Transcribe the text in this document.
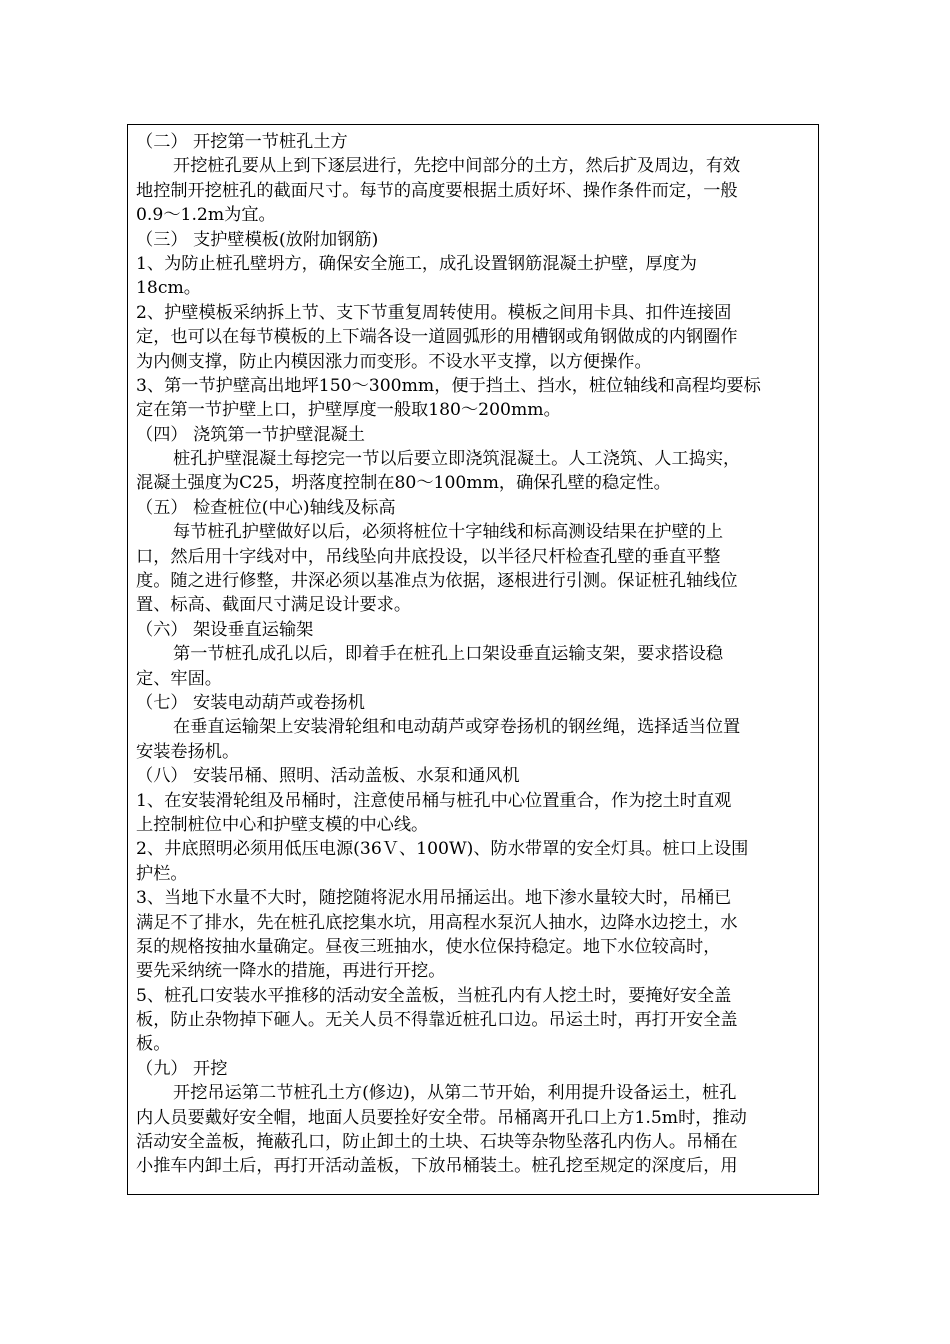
（二） 开挖第一节桩孔土方
开挖桩孔要从上到下逐层进行，先挖中间部分的土方，然后扩及周边，有效
地控制开挖桩孔的截面尺寸。每节的高度要根据土质好坏、操作条件而定，一般
0.9～1.2m为宜。
（三） 支护壁模板(放附加钢筋)
1、为防止桩孔壁坍方，确保安全施工，成孔设置钢筋混凝土护壁，厚度为
18cm。
2、护壁模板采纳拆上节、支下节重复周转使用。模板之间用卡具、扣件连接固
定，也可以在每节模板的上下端各设一道圆弧形的用槽钢或角钢做成的内钢圈作
为内侧支撑，防止内模因涨力而变形。不设水平支撑，以方便操作。
3、第一节护壁高出地坪150～300mm，便于挡土、挡水，桩位轴线和高程均要标
定在第一节护壁上口，护壁厚度一般取180～200mm。
（四） 浇筑第一节护壁混凝土
桩孔护壁混凝土每挖完一节以后要立即浇筑混凝土。人工浇筑、人工捣实，
混凝土强度为C25，坍落度控制在80～100mm，确保孔壁的稳定性。
（五） 检查桩位(中心)轴线及标高
每节桩孔护壁做好以后，必须将桩位十字轴线和标高测设结果在护壁的上
口，然后用十字线对中，吊线坠向井底投设，以半径尺杆检查孔壁的垂直平整
度。随之进行修整，井深必须以基准点为依据，逐根进行引测。保证桩孔轴线位
置、标高、截面尺寸满足设计要求。
（六） 架设垂直运输架
第一节桩孔成孔以后，即着手在桩孔上口架设垂直运输支架，要求搭设稳
定、牢固。
（七） 安装电动葫芦或卷扬机
在垂直运输架上安装滑轮组和电动葫芦或穿卷扬机的钢丝绳，选择适当位置
安装卷扬机。
（八） 安装吊桶、照明、活动盖板、水泵和通风机
1、在安装滑轮组及吊桶时，注意使吊桶与桩孔中心位置重合，作为挖土时直观
上控制桩位中心和护壁支模的中心线。
2、井底照明必须用低压电源(36Ｖ、100W)、防水带罩的安全灯具。桩口上设围
护栏。
3、当地下水量不大时，随挖随将泥水用吊捅运出。地下渗水量较大时，吊桶已
满足不了排水，先在桩孔底挖集水坑，用高程水泵沉人抽水，边降水边挖土，水
泵的规格按抽水量确定。昼夜三班抽水，使水位保持稳定。地下水位较高时，
要先采纳统一降水的措施，再进行开挖。
5、桩孔口安装水平推移的活动安全盖板，当桩孔内有人挖土时，要掩好安全盖
板，防止杂物掉下砸人。无关人员不得靠近桩孔口边。吊运土时，再打开安全盖
板。
（九） 开挖
开挖吊运第二节桩孔土方(修边)，从第二节开始，利用提升设备运土，桩孔
内人员要戴好安全帽，地面人员要拴好安全带。吊桶离开孔口上方1.5m时，推动
活动安全盖板，掩蔽孔口，防止卸土的土块、石块等杂物坠落孔内伤人。吊桶在
小推车内卸土后，再打开活动盖板，下放吊桶装土。桩孔挖至规定的深度后，用
